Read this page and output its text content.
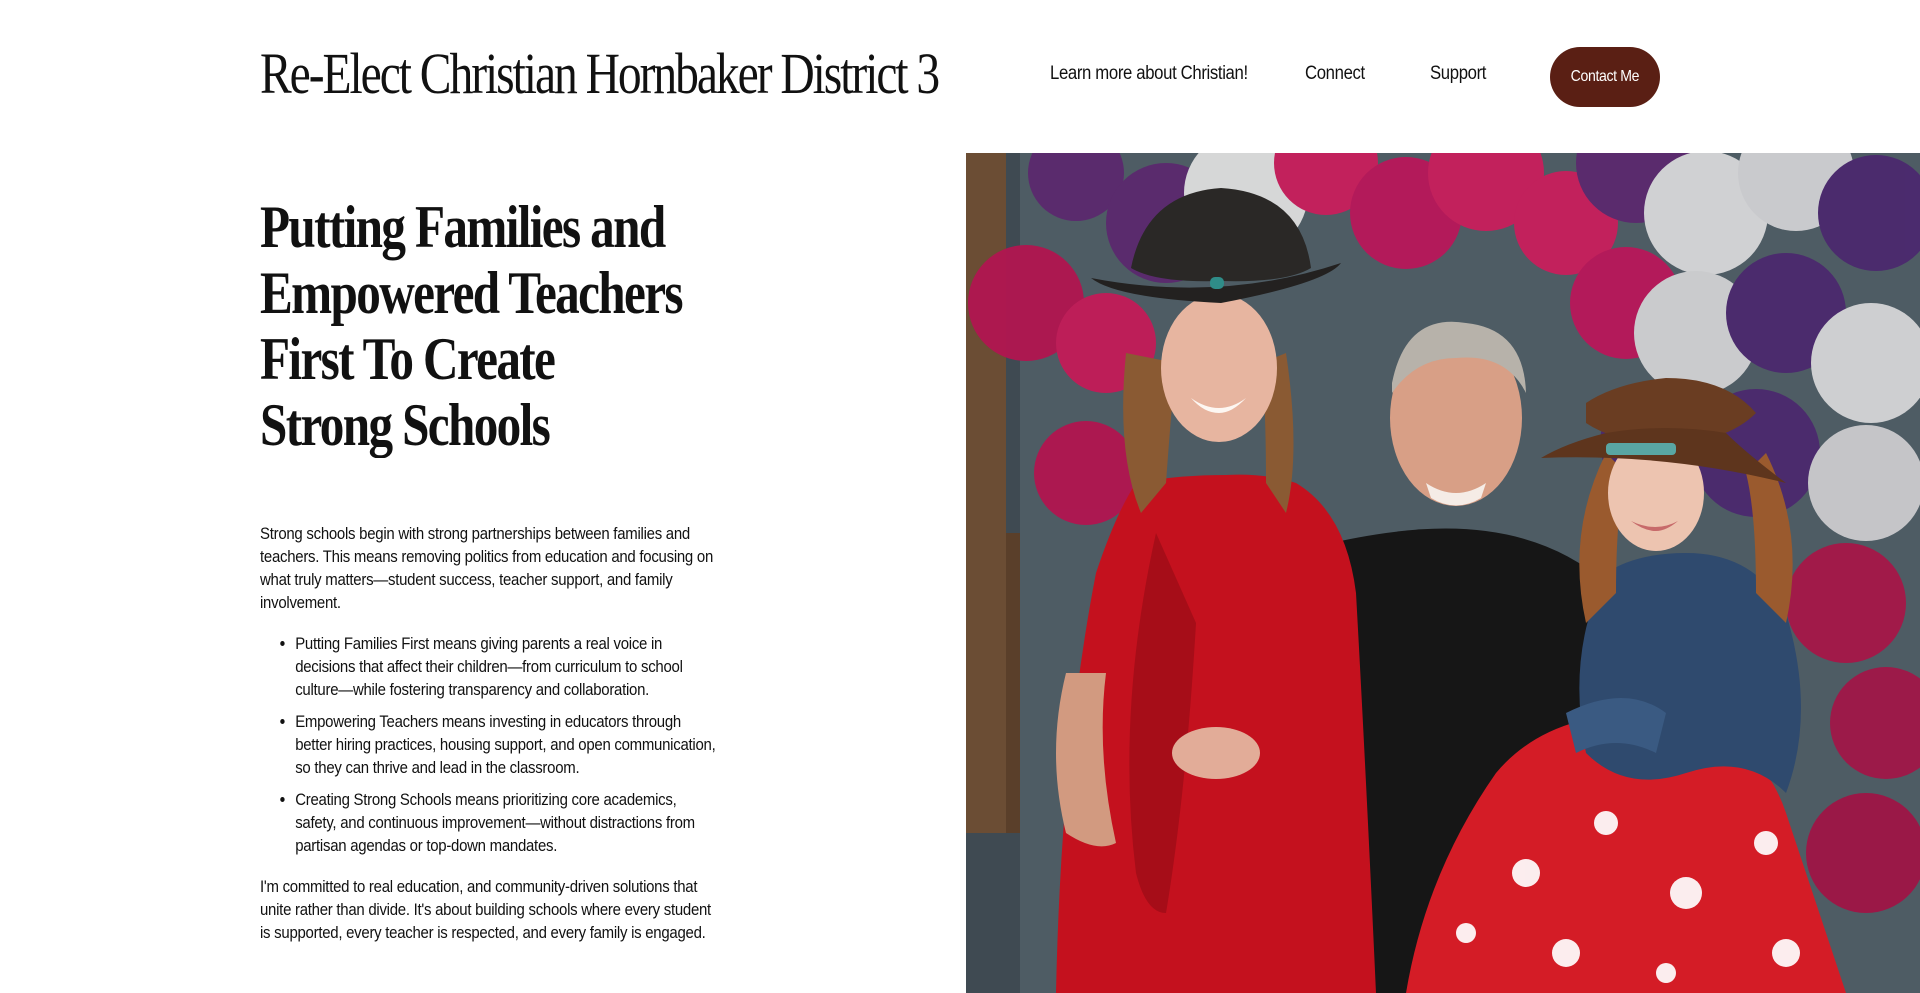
Re-Elect Christian Hornbaker District 3	Learn more about Christian!	Connect	Support	Contact Me
Putting Families and Empowered Teachers First To Create Strong Schools

Strong schools begin with strong partnerships between families and teachers. This means removing politics from education and focusing on what truly matters—student success, teacher support, and family involvement.

• Putting Families First means giving parents a real voice in decisions that affect their children—from curriculum to school culture—while fostering transparency and collaboration.
• Empowering Teachers means investing in educators through better hiring practices, housing support, and open communication, so they can thrive and lead in the classroom.
• Creating Strong Schools means prioritizing core academics, safety, and continuous improvement—without distractions from partisan agendas or top-down mandates.

I'm committed to real education, and community-driven solutions that unite rather than divide. It's about building schools where every student is supported, every teacher is respected, and every family is engaged.
